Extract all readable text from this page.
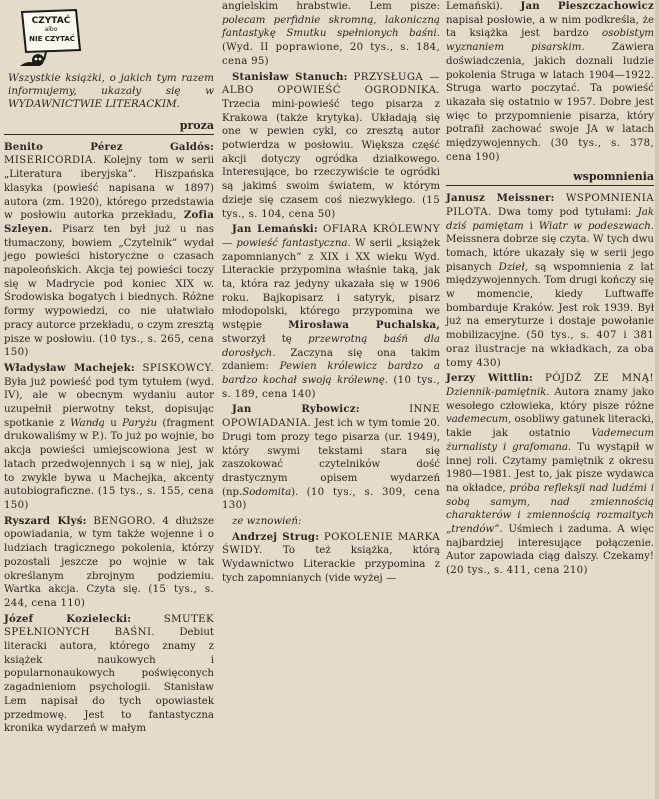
CZYTAĆ
albo
NIE CZYTAĆ
Wszystkie książki, o jakich tym razem informujemy, ukazały się w WYDAWNICTWIE LITERACKIM.
proza

Benito Pérez Galdós: MISERICORDIA. Kolejny tom w serii „Literatura iberyjska”. Hiszpańska klasyka (powieść napisana w 1897) autora (zm. 1920), którego przedstawia w posłowiu autorka przekładu, Zofia Szleyen. Pisarz ten był już u nas tłumaczony, bowiem „Czytelnik” wydał jego powieści historyczne o czasach napoleońskich. Akcja tej powieści toczy się w Madrycie pod koniec XIX w. Środowiska bogatych i biednych. Różne formy wypowiedzi, co nie ułatwiało pracy autorce przekładu, o czym zresztą pisze w posłowiu. (10 tys., s. 265, cena 150)

Władysław Machejek: SPISKOWCY. Była już powieść pod tym tytułem (wyd. IV), ale w obecnym wydaniu autor uzupełnił pierwotny tekst, dopisując spotkanie z Wandą u Paryżu (fragment drukowaliśmy w P.). To już po wojnie, bo akcja powieści umiejscowiona jest w latach przedwojennych i są w niej, jak to zwykle bywa u Machejka, akcenty autobiograficzne. (15 tys., s. 155, cena 150)

Ryszard Klyś: BENGORO. 4 dłuższe opowiadania, w tym także wojenne i o ludziach tragicznego pokolenia, którzy pozostali jeszcze po wojnie w tak określanym zbrojnym podziemiu. Wartka akcja. Czyta się. (15 tys., s. 244, cena 110)

Józef Kozielecki:	SMUTEK SPEŁNIONYCH BAŚNI. Debiut literacki autora, którego znamy z książek naukowych i popularnonaukowych poświęconych zagadnieniom psychologii. Stanisław Lem napisał do tych opowiastek przedmowę. Jest to fantastyczna kronika wydarzeń w małym

angielskim hrabstwie. Lem pisze: polecam perfidnie skromną, lakoniczną fantastykę Smutku spełnionych baśni. (Wyd. II poprawione, 20 tys., s. 184, cena 95)

Stanisław Stanuch: PRZYSŁUGA — ALBO OPOWIEŚĆ OGRODNIKA. Trzecia mini-powieść tego pisarza z Krakowa (także krytyka). Układają się one w pewien cykl, co zresztą autor potwierdza w posłowiu. Większa część akcji dotyczy ogródka działkowego. Interesujące, bo rzeczywiście te ogródki są jakimś swoim światem, w którym dzieje się czasem coś niezwykłego. (15 tys., s. 104, cena 50)

Jan Lemański: OFIARA KRÓLEWNY — powieść fantastyczna. W serii „książek zapomnianych” z XIX i XX wieku Wyd. Literackie przypomina właśnie taką, jak ta, która raz jedyny ukazała się w 1906 roku. Bajkopisarz i satyryk, pisarz młodopolski, którego przypomina we wstępie	Mirosława Puchalska, stworzył tę przewrotną baśń dla dorosłych. Zaczyna się ona takim zdaniem: Pewien królewicz bardzo a bardzo kochał swoją królewnę. (10 tys., s. 189, cena 140)

Jan Rybowicz:	INNE OPOWIADANIA. Jest ich w tym tomie 20. Drugi tom prozy tego pisarza (ur. 1949), który swymi tekstami stara się zaszokować czytelników dość drastycznym opisem wydarzeń (np.Sodomita). (10 tys., s. 309, cena 130)

ze wznowień:

Andrzej Strug: POKOLENIE MARKA ŚWIDY. To też książka, którą Wydawnictwo Literackie przypomina z tych zapomnianych (vide wyżej —

Lemański). Jan Pieszczachowicz napisał posłowie, a w nim podkreśla, że ta książka jest bardzo osobistym wyznaniem pisarskim.	Zawiera doświadczenia, jakich doznali ludzie pokolenia Struga w latach 1904—1922. Struga warto poczytać. Ta powieść ukazała się ostatnio w 1957. Dobre jest więc to przypomnienie pisarza, który potrafił zachować swoje JA w latach międzywojennych. (30 tys., s. 378, cena 190)

wspomnienia

Janusz Meissner: WSPOMNIENIA PILOTA. Dwa tomy pod tytułami: Jak dziś pamiętam i Wiatr w podeszwach. Meissnera dobrze się czyta. W tych dwu tomach, które ukazały się w serii jego pisanych Dzieł, są wspomnienia z lat międzywojennych. Tom drugi kończy się w momencie, kiedy Luftwaffe bombarduje Kraków. Jest rok 1939. Był już na emeryturze i dostaje powołanie mobilizacyjne. (50 tys., s. 407 i 381 oraz ilustracje na wkładkach, za oba tomy 430)

Jerzy Wittlin: PÓJDŹ ZE MNĄ! Dziennik-pamiętnik. Autora znamy jako wesołego człowieka, który pisze różne vademecum, osobliwy gatunek literacki, takie jak ostatnio Vademecum żurnalisty i grafomana. Tu wystąpił w innej roli. Czytamy pamiętnik z okresu 1980—1981. Jest to, jak pisze wydawca na okładce, próba refleksji nad ludźmi i sobą samym, nad zmiennością charakterów i zmiennością rozmaitych „trendów”. Uśmiech i zaduma. A więc najbardziej interesujące połączenie. Autor zapowiada ciąg dalszy. Czekamy! (20 tys., s. 411, cena 210)
